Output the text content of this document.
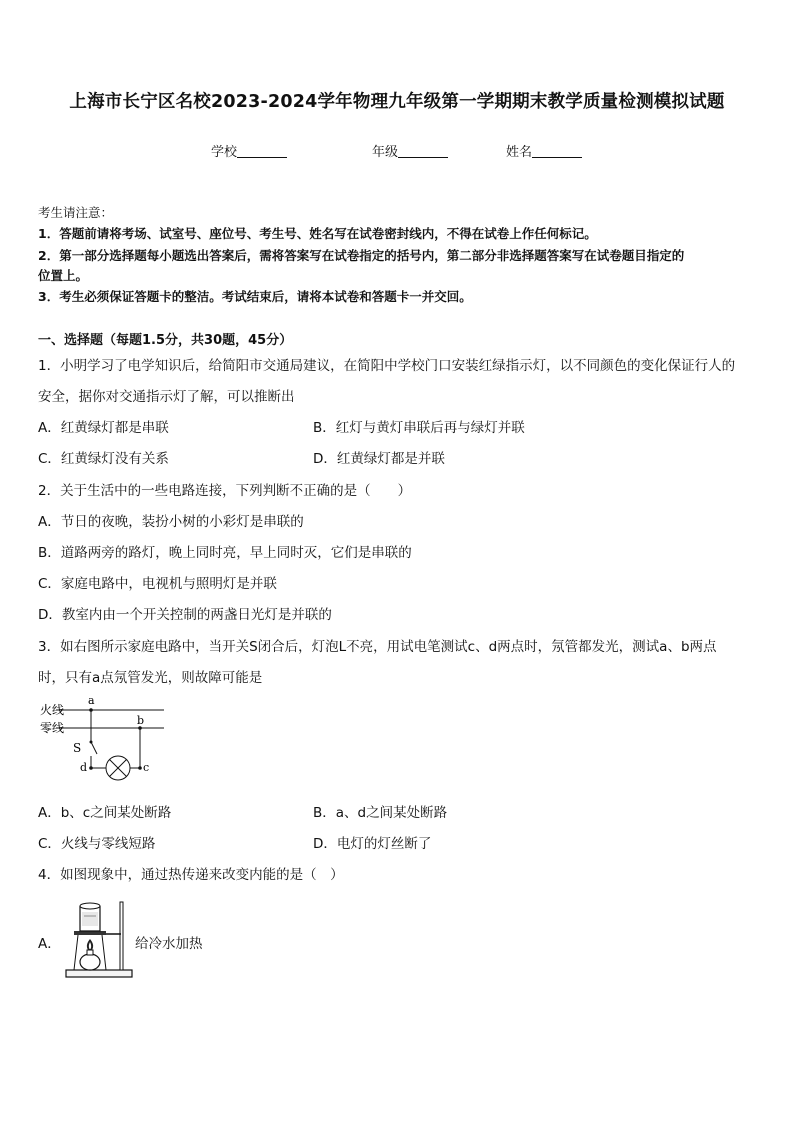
上海市长宁区名校2023-2024学年物理九年级第一学期期末教学质量检测模拟试题
学校	年级	姓名
考生请注意：
1．答题前请将考场、试室号、座位号、考生号、姓名写在试卷密封线内，不得在试卷上作任何标记。
2．第一部分选择题每小题选出答案后，需将答案写在试卷指定的括号内，第二部分非选择题答案写在试卷题目指定的
位置上。
3．考生必须保证答题卡的整洁。考试结束后，请将本试卷和答题卡一并交回。
一、选择题（每题1.5分，共30题，45分）
1．小明学习了电学知识后，给简阳市交通局建议，在简阳中学校门口安装红绿指示灯，以不同颜色的变化保证行人的
安全，据你对交通指示灯了解，可以推断出
A．红黄绿灯都是串联	B．红灯与黄灯串联后再与绿灯并联
C．红黄绿灯没有关系	D．红黄绿灯都是并联
2．关于生活中的一些电路连接，下列判断不正确的是（　　）
A．节日的夜晚，装扮小树的小彩灯是串联的
B．道路两旁的路灯，晚上同时亮，早上同时灭，它们是串联的
C．家庭电路中，电视机与照明灯是并联
D．教室内由一个开关控制的两盏日光灯是并联的
3．如右图所示家庭电路中，当开关S闭合后，灯泡L不亮，用试电笔测试c、d两点时，氖管都发光，测试a、b两点
时，只有a点氖管发光，则故障可能是
火线
零线
a
S
d	c
b
A．b、c之间某处断路	B．a、d之间某处断路
C．火线与零线短路	D．电灯的灯丝断了
4．如图现象中，通过热传递来改变内能的是（　）
A．	给冷水加热
